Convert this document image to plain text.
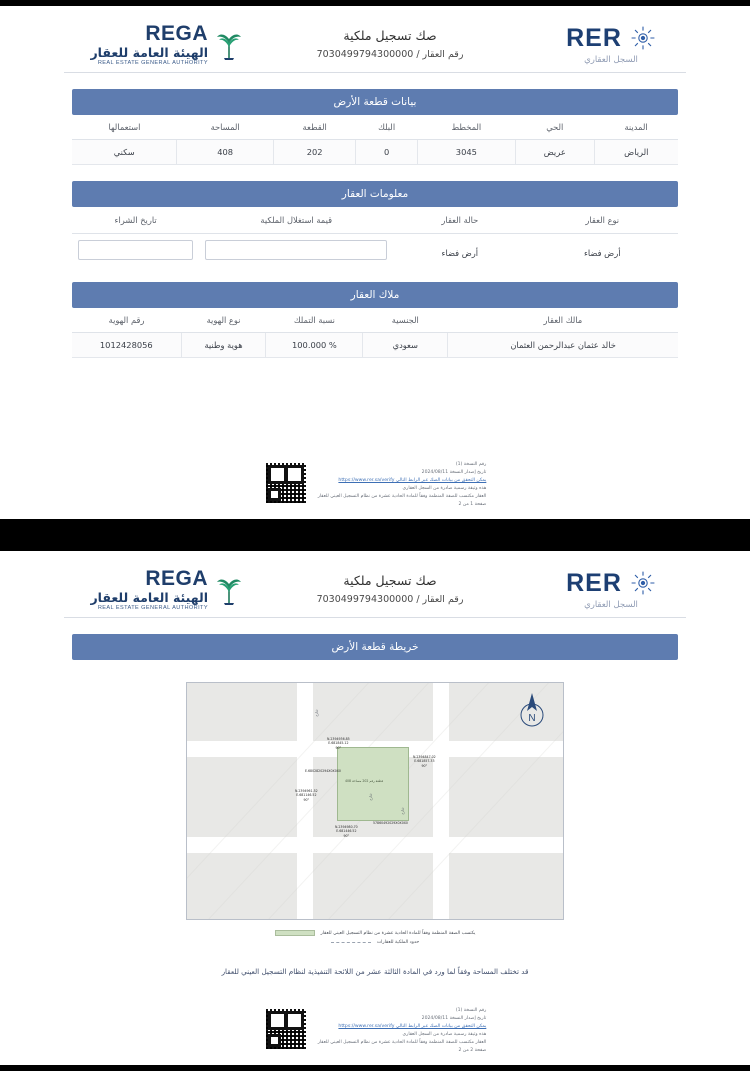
RER
السجل العقاري
صك تسجيل ملكية
رقم العقار / 7030499794300000
REGA
الهيئة العامة للعقار
REAL ESTATE GENERAL AUTHORITY
بيانات قطعة الأرض
المدينة	الحي	المخطط	البلك	القطعة	المساحة	استعمالها
الرياض	عريض	3045	0	202	408	سكني
معلومات العقار
نوع العقار	حالة العقار	قيمة استغلال الملكية	تاريخ الشراء
أرض فضاء	أرض فضاء	

ملاك العقار
مالك العقار	الجنسية	نسبة التملك	نوع الهوية	رقم الهوية
خالد عثمان عبدالرحمن العثمان	سعودي	% 100.000	هوية وطنية	1012428056
رقم النسخة (1)
تاريخ إصدار النسخة 2024/08/11
يمكن التحقق من بيانات الصك عبر الرابط التالي https://www.rer.sa/verify
هذه وثيقة رسمية صادرة من السجل العقاري
العقار مكتسب للصفة المنظمة وفقاً للمادة الحادية عشرة من نظام التسجيل العيني للعقار
صفحة 1 من 2
RER
السجل العقاري
صك تسجيل ملكية
رقم العقار / 7030499794300000
REGA
الهيئة العامة للعقار
REAL ESTATE GENERAL AUTHORITY
خريطة قطعة الأرض
قطعة رقم 202 مساحة 408
N.2394936.85
E.681845.12
90°
N.2394847.02
E.681857.33
90°
N.2394961.52
E.681146.52
90°
N.2394980.70
E.681446.52
90°
E.6802820294X0X0X0
57860492029X0X0X0
شارع
شارع
شارع
N
يكتسب الصفة المنظمة وفقاً للمادة الحادية عشرة من نظام التسجيل العيني للعقار
حدود الملكية للعقارات
قد تختلف المساحة وفقاً لما ورد في المادة الثالثة عشر من اللائحة التنفيذية لنظام التسجيل العيني للعقار
رقم النسخة (1)
تاريخ إصدار النسخة 2024/08/11
يمكن التحقق من بيانات الصك عبر الرابط التالي https://www.rer.sa/verify
هذه وثيقة رسمية صادرة من السجل العقاري
العقار مكتسب للصفة المنظمة وفقاً للمادة الحادية عشرة من نظام التسجيل العيني للعقار
صفحة 2 من 2
